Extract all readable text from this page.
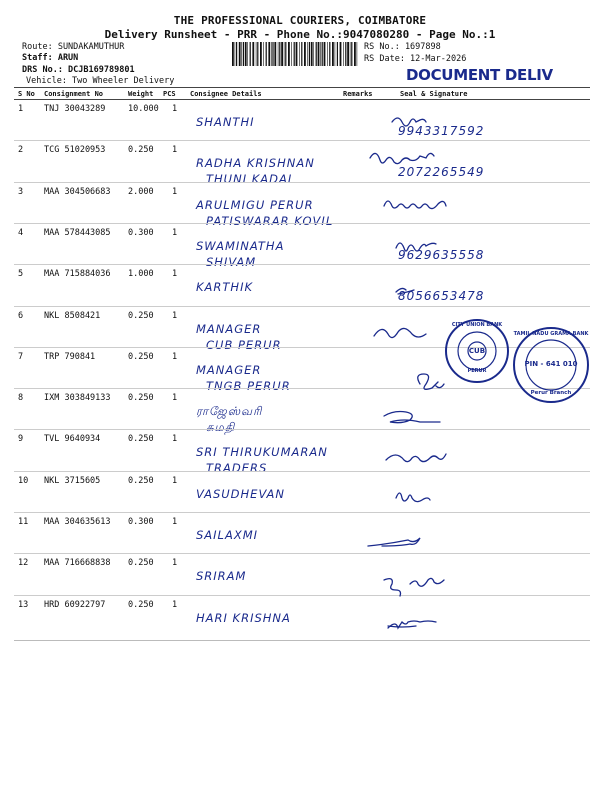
THE PROFESSIONAL COURIERS, COIMBATORE
Delivery Runsheet - PRR - Phone No.:9047080280 - Page No.:1
Route: SUNDAKAMUTHUR
Staff: ARUN
DRS No.: DCJB169789801
Vehicle: Two Wheeler Delivery
RS No.: 1697898
RS Date: 12-Mar-2026
DOCUMENT DELIV
S No Consignment No	Weight PCS Consignee Details	Remarks	Seal & Signature
1 TNJ 30043289	10.000 1
SHANTHI
9943317592
2 TCG 51020953	0.250 1
RADHA KRISHNAN
THUNI KADAI	2072265549
3 MAA 304506683 2.000 1
ARULMIGU PERUR
PATISWARAR KOVIL
4 MAA 578443085 0.300 1
SWAMINATHA
SHIVAM	9629635558
5 MAA 715884036 1.000 1
KARTHIK
8056653478
6 NKL 8508421	0.250 1
MANAGER
CUB PERUR
7 TRP 790841	0.250 1
MANAGER
TNGB PERUR
8 IXM 303849133 0.250 1
ராஜேஸ்வரி
சுமதி
9 TVL 9640934	0.250 1
SRI THIRUKUMARAN
TRADERS
10 NKL 3715605	0.250 1
VASUDHEVAN
11 MAA 304635613 0.300 1
SAILAXMI
12 MAA 716668838 0.250 1
SRIRAM
13 HRD 60922797	0.250 1
HARI KRISHNA
CITY UNION BANK
CUB
PERUR
TAMIL NADU GRAMA BANK
PIN - 641 010
Perur Branch
